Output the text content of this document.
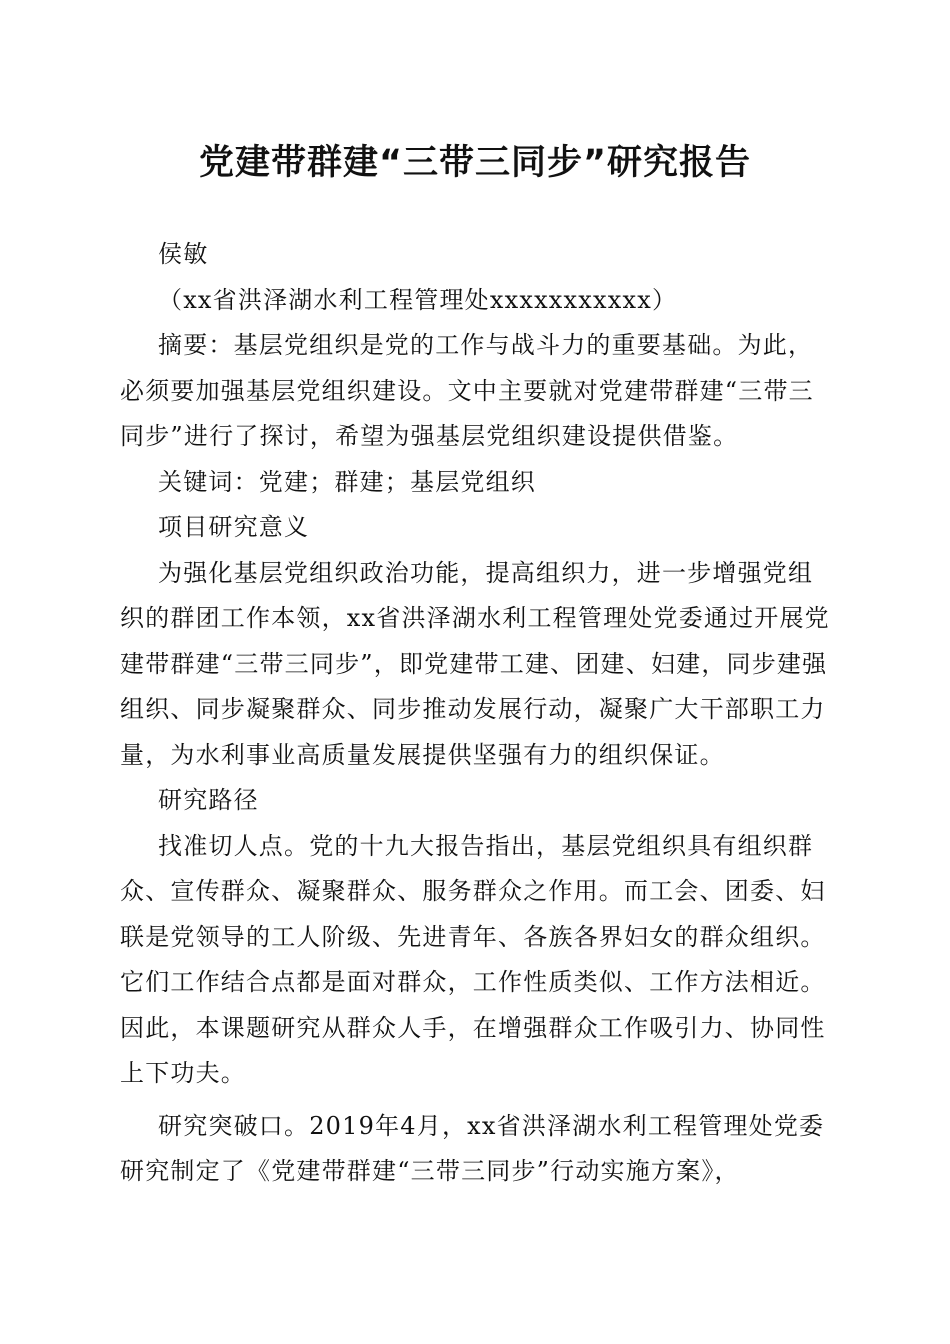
党建带群建“三带三同步”研究报告

侯敏

（xx省洪泽湖水利工程管理处xxxxxxxxxxx）

摘要：基层党组织是党的工作与战斗力的重要基础。为此，必须要加强基层党组织建设。文中主要就对党建带群建“三带三同步”进行了探讨，希望为强基层党组织建设提供借鉴。

关键词：党建；群建；基层党组织

项目研究意义

为强化基层党组织政治功能，提高组织力，进一步增强党组织的群团工作本领，xx省洪泽湖水利工程管理处党委通过开展党建带群建“三带三同步”，即党建带工建、团建、妇建，同步建强组织、同步凝聚群众、同步推动发展行动，凝聚广大干部职工力量，为水利事业高质量发展提供坚强有力的组织保证。

研究路径

找准切人点。党的十九大报告指出，基层党组织具有组织群众、宣传群众、凝聚群众、服务群众之作用。而工会、团委、妇联是党领导的工人阶级、先进青年、各族各界妇女的群众组织。它们工作结合点都是面对群众，工作性质类似、工作方法相近。因此，本课题研究从群众人手，在增强群众工作吸引力、协同性上下功夫。

研究突破口。2019年4月，xx省洪泽湖水利工程管理处党委研究制定了《党建带群建“三带三同步”行动实施方案》，
